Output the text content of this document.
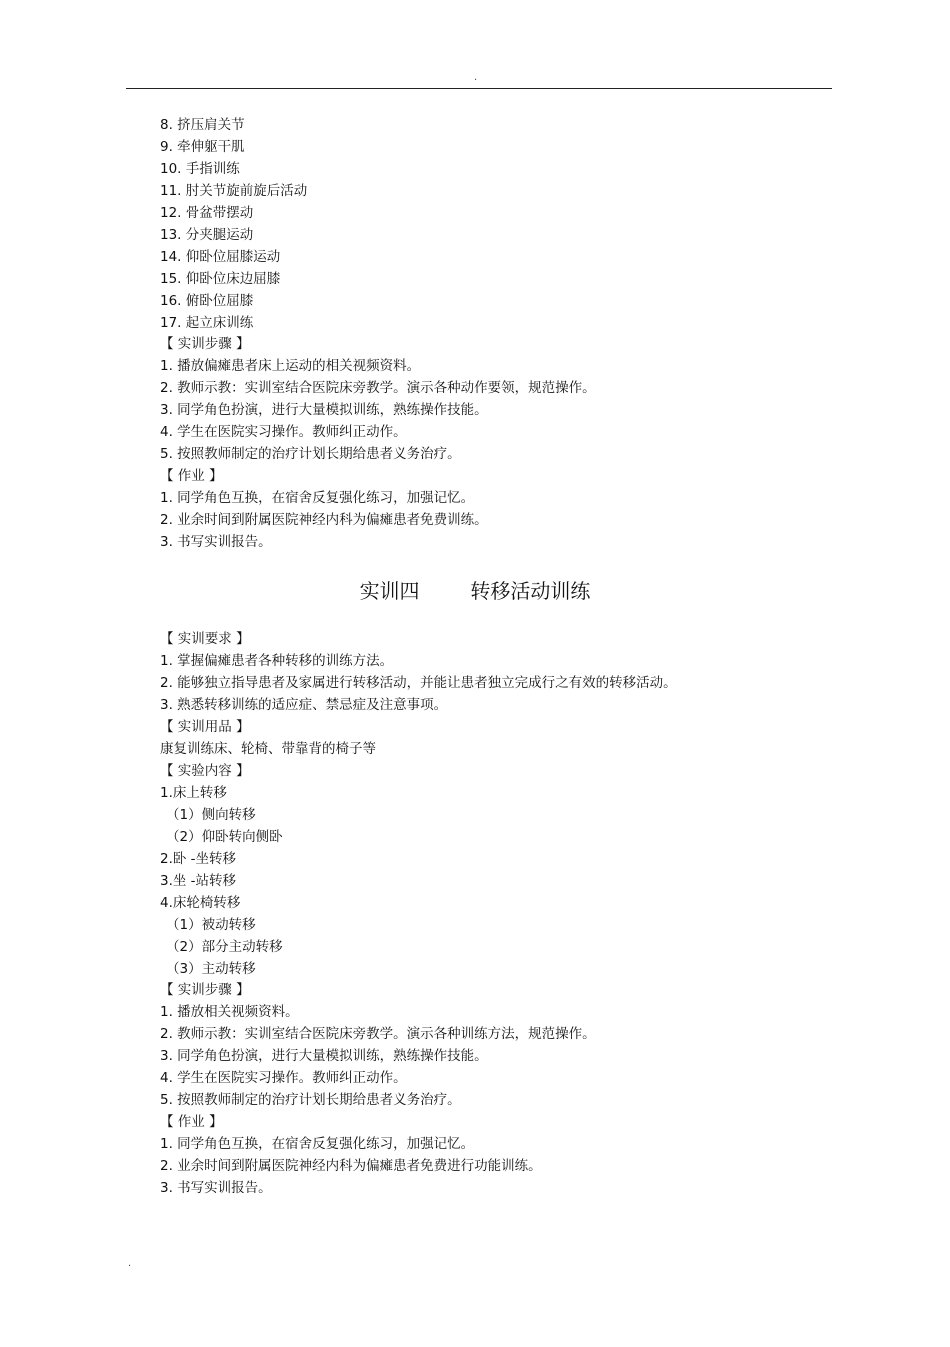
.
8. 挤压肩关节
9. 牵伸躯干肌
10. 手指训练
11. 肘关节旋前旋后活动
12. 骨盆带摆动
13. 分夹腿运动
14. 仰卧位屈膝运动
15. 仰卧位床边屈膝
16. 俯卧位屈膝
17. 起立床训练
【 实训步骤 】
1. 播放偏瘫患者床上运动的相关视频资料。
2. 教师示教：实训室结合医院床旁教学。演示各种动作要领，规范操作。
3. 同学角色扮演，进行大量模拟训练，熟练操作技能。
4. 学生在医院实习操作。教师纠正动作。
5. 按照教师制定的治疗计划长期给患者义务治疗。
【 作业 】
1. 同学角色互换，在宿舍反复强化练习，加强记忆。
2. 业余时间到附属医院神经内科为偏瘫患者免费训练。
3. 书写实训报告。
实训四        转移活动训练
【 实训要求 】
1. 掌握偏瘫患者各种转移的训练方法。
2. 能够独立指导患者及家属进行转移活动，并能让患者独立完成行之有效的转移活动。
3. 熟悉转移训练的适应症、禁忌症及注意事项。
【 实训用品 】
康复训练床、轮椅、带靠背的椅子等
【 实验内容 】
1.床上转移
（1）侧向转移
（2）仰卧转向侧卧
2.卧 -坐转移
3.坐 -站转移
4.床轮椅转移
（1）被动转移
（2）部分主动转移
（3）主动转移
【 实训步骤 】
1. 播放相关视频资料。
2. 教师示教：实训室结合医院床旁教学。演示各种训练方法，规范操作。
3. 同学角色扮演，进行大量模拟训练，熟练操作技能。
4. 学生在医院实习操作。教师纠正动作。
5. 按照教师制定的治疗计划长期给患者义务治疗。
【 作业 】
1. 同学角色互换，在宿舍反复强化练习，加强记忆。
2. 业余时间到附属医院神经内科为偏瘫患者免费进行功能训练。
3. 书写实训报告。
.
